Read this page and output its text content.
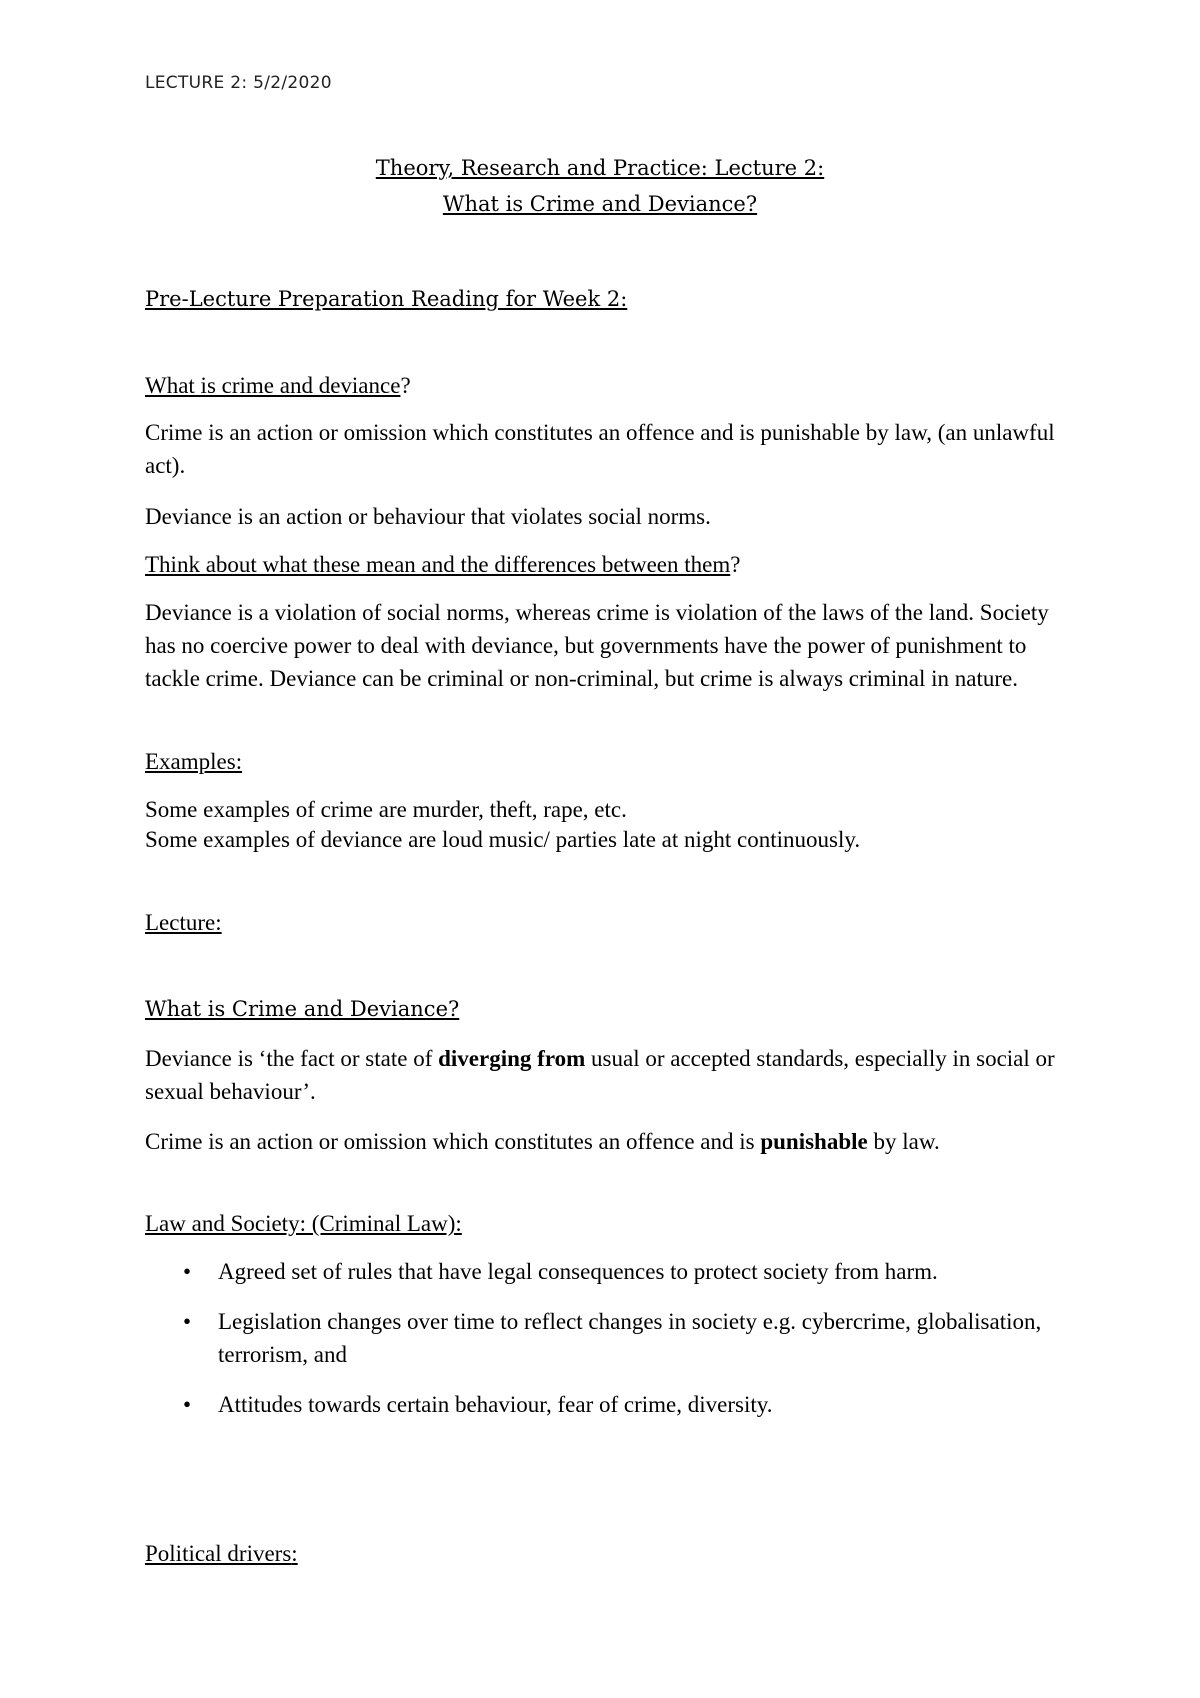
LECTURE 2: 5/2/2020
Theory, Research and Practice: Lecture 2:
What is Crime and Deviance?
Pre-Lecture Preparation Reading for Week 2:
What is crime and deviance?
Crime is an action or omission which constitutes an offence and is punishable by law, (an unlawful act).
Deviance is an action or behaviour that violates social norms.
Think about what these mean and the differences between them?
Deviance is a violation of social norms, whereas crime is violation of the laws of the land. Society has no coercive power to deal with deviance, but governments have the power of punishment to tackle crime. Deviance can be criminal or non-criminal, but crime is always criminal in nature.
Examples:
Some examples of crime are murder, theft, rape, etc.
Some examples of deviance are loud music/ parties late at night continuously.
Lecture:
What is Crime and Deviance?
Deviance is ‘the fact or state of diverging from usual or accepted standards, especially in social or sexual behaviour’.
Crime is an action or omission which constitutes an offence and is punishable by law.
Law and Society: (Criminal Law):
• Agreed set of rules that have legal consequences to protect society from harm.
• Legislation changes over time to reflect changes in society e.g. cybercrime, globalisation, terrorism, and
• Attitudes towards certain behaviour, fear of crime, diversity.
Political drivers:
